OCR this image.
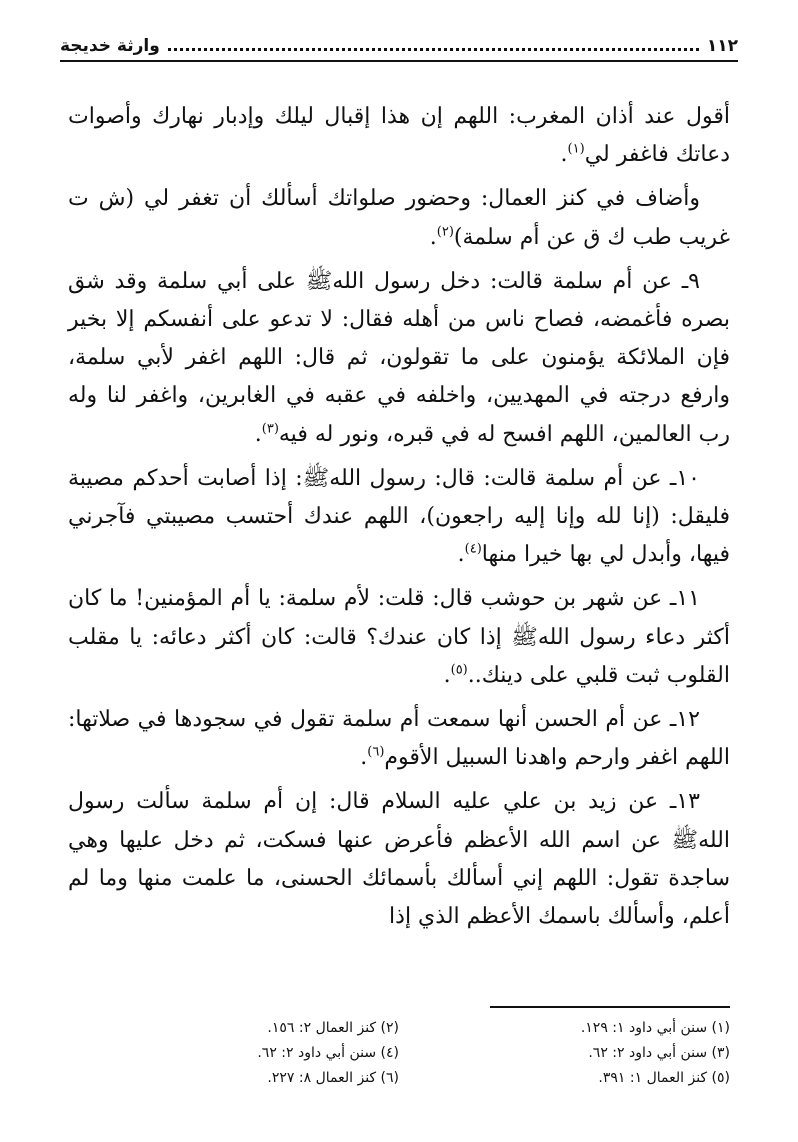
١١٢
وارثة خديجة

أقول عند أذان المغرب: اللهم إن هذا إقبال ليلك وإدبار نهارك وأصوات دعاتك فاغفر لي$^{(١)}$.

وأضاف في كنز العمال: وحضور صلواتك أسألك أن تغفر لي (ش ت غريب طب ك ق عن أم سلمة)$^{(٢)}$.

٩ـ عن أم سلمة قالت: دخل رسول اللهﷺ على أبي سلمة وقد شق بصره فأغمضه، فصاح ناس من أهله فقال: لا تدعو على أنفسكم إلا بخير فإن الملائكة يؤمنون على ما تقولون، ثم قال: اللهم اغفر لأبي سلمة، وارفع درجته في المهديين، واخلفه في عقبه في الغابرين، واغفر لنا وله رب العالمين، اللهم افسح له في قبره، ونور له فيه$^{(٣)}$.

١٠ـ عن أم سلمة قالت: قال: رسول اللهﷺ: إذا أصابت أحدكم مصيبة فليقل: (إنا لله وإنا إليه راجعون)، اللهم عندك أحتسب مصيبتي فآجرني فيها، وأبدل لي بها خيرا منها$^{(٤)}$.

١١ـ عن شهر بن حوشب قال: قلت: لأم سلمة: يا أم المؤمنين! ما كان أكثر دعاء رسول اللهﷺ إذا كان عندك؟ قالت: كان أكثر دعائه: يا مقلب القلوب ثبت قلبي على دينك..$^{(٥)}$.

١٢ـ عن أم الحسن أنها سمعت أم سلمة تقول في سجودها في صلاتها: اللهم اغفر وارحم واهدنا السبيل الأقوم$^{(٦)}$.

١٣ـ عن زيد بن علي عليه السلام قال: إن أم سلمة سألت رسول اللهﷺ عن اسم الله الأعظم فأعرض عنها فسكت، ثم دخل عليها وهي ساجدة تقول: اللهم إني أسألك بأسمائك الحسنى، ما علمت منها وما لم أعلم، وأسألك باسمك الأعظم الذي إذا

(١) سنن أبي داود ١: ١٢٩.
(٢) كنز العمال ٢: ١٥٦.
(٣) سنن أبي داود ٢: ٦٢.
(٤) سنن أبي داود ٢: ٦٢.
(٥) كنز العمال ١: ٣٩١.
(٦) كنز العمال ٨: ٢٢٧.
